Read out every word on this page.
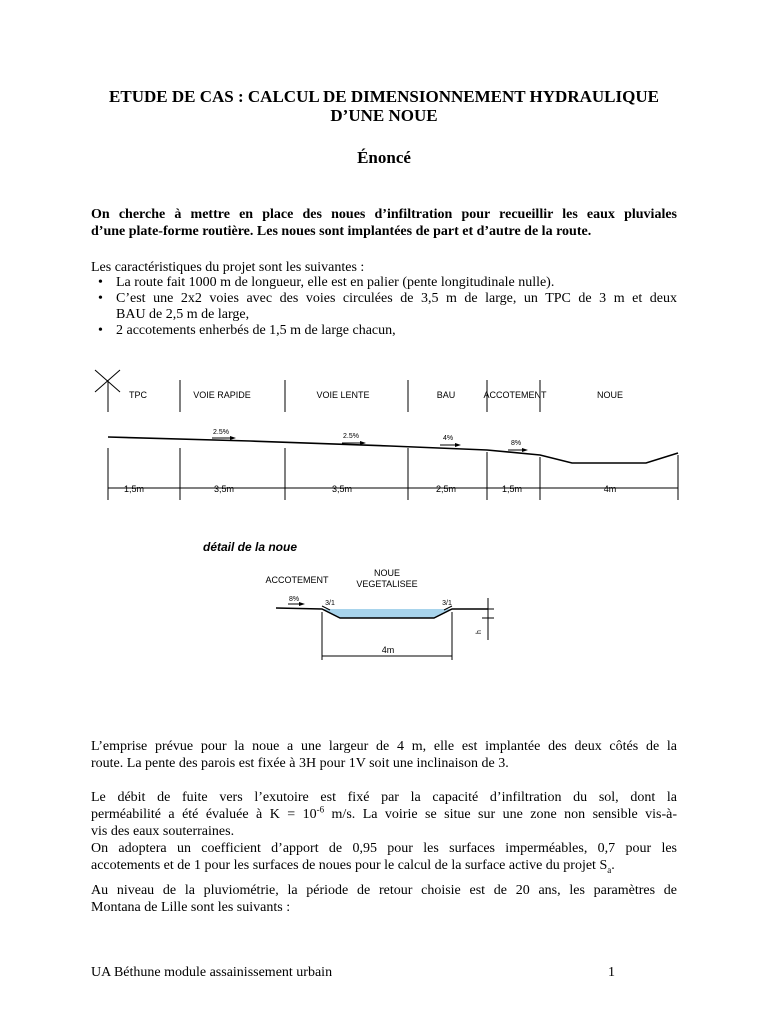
ETUDE DE CAS : CALCUL DE DIMENSIONNEMENT HYDRAULIQUE
D’UNE NOUE
Énoncé
On cherche à mettre en place des noues d’infiltration pour recueillir les eaux pluviales
d’une plate-forme routière. Les noues sont implantées de part et d’autre de la route.
Les caractéristiques du projet sont les suivantes :
• La route fait 1000 m de longueur, elle est en palier (pente longitudinale nulle).
• C’est une 2x2 voies avec des voies circulées de 3,5 m de large, un TPC de 3 m et deux
BAU de 2,5 m de large,
• 2 accotements enherbés de 1,5 m de large chacun,
TPC	VOIE RAPIDE	VOIE LENTE	BAU	ACCOTEMENT	NOUE
2.5%
2.5%	4%
8%
1,5m	3,5m	3,5m	2,5m	1,5m	4m
détail de la noue
ACCOTEMENT
NOUE
VEGETALISEE
8%
3/1	3/1
4m
h
L’emprise prévue pour la noue a une largeur de 4 m, elle est implantée des deux côtés de la
route. La pente des parois est fixée à 3H pour 1V soit une inclinaison de 3.
Le débit de fuite vers l’exutoire est fixé par la capacité d’infiltration du sol, dont la
perméabilité a été évaluée à $K = 10^{-6}$ m/s. La voirie se situe sur une zone non sensible vis-à-
vis des eaux souterraines.
On adoptera un coefficient d’apport de 0,95 pour les surfaces imperméables, 0,7 pour les
accotements et de 1 pour les surfaces de noues pour le calcul de la surface active du projet $S_a$.
Au niveau de la pluviométrie, la période de retour choisie est de 20 ans, les paramètres de
Montana de Lille sont les suivants :
UA Béthune module assainissement urbain	1
